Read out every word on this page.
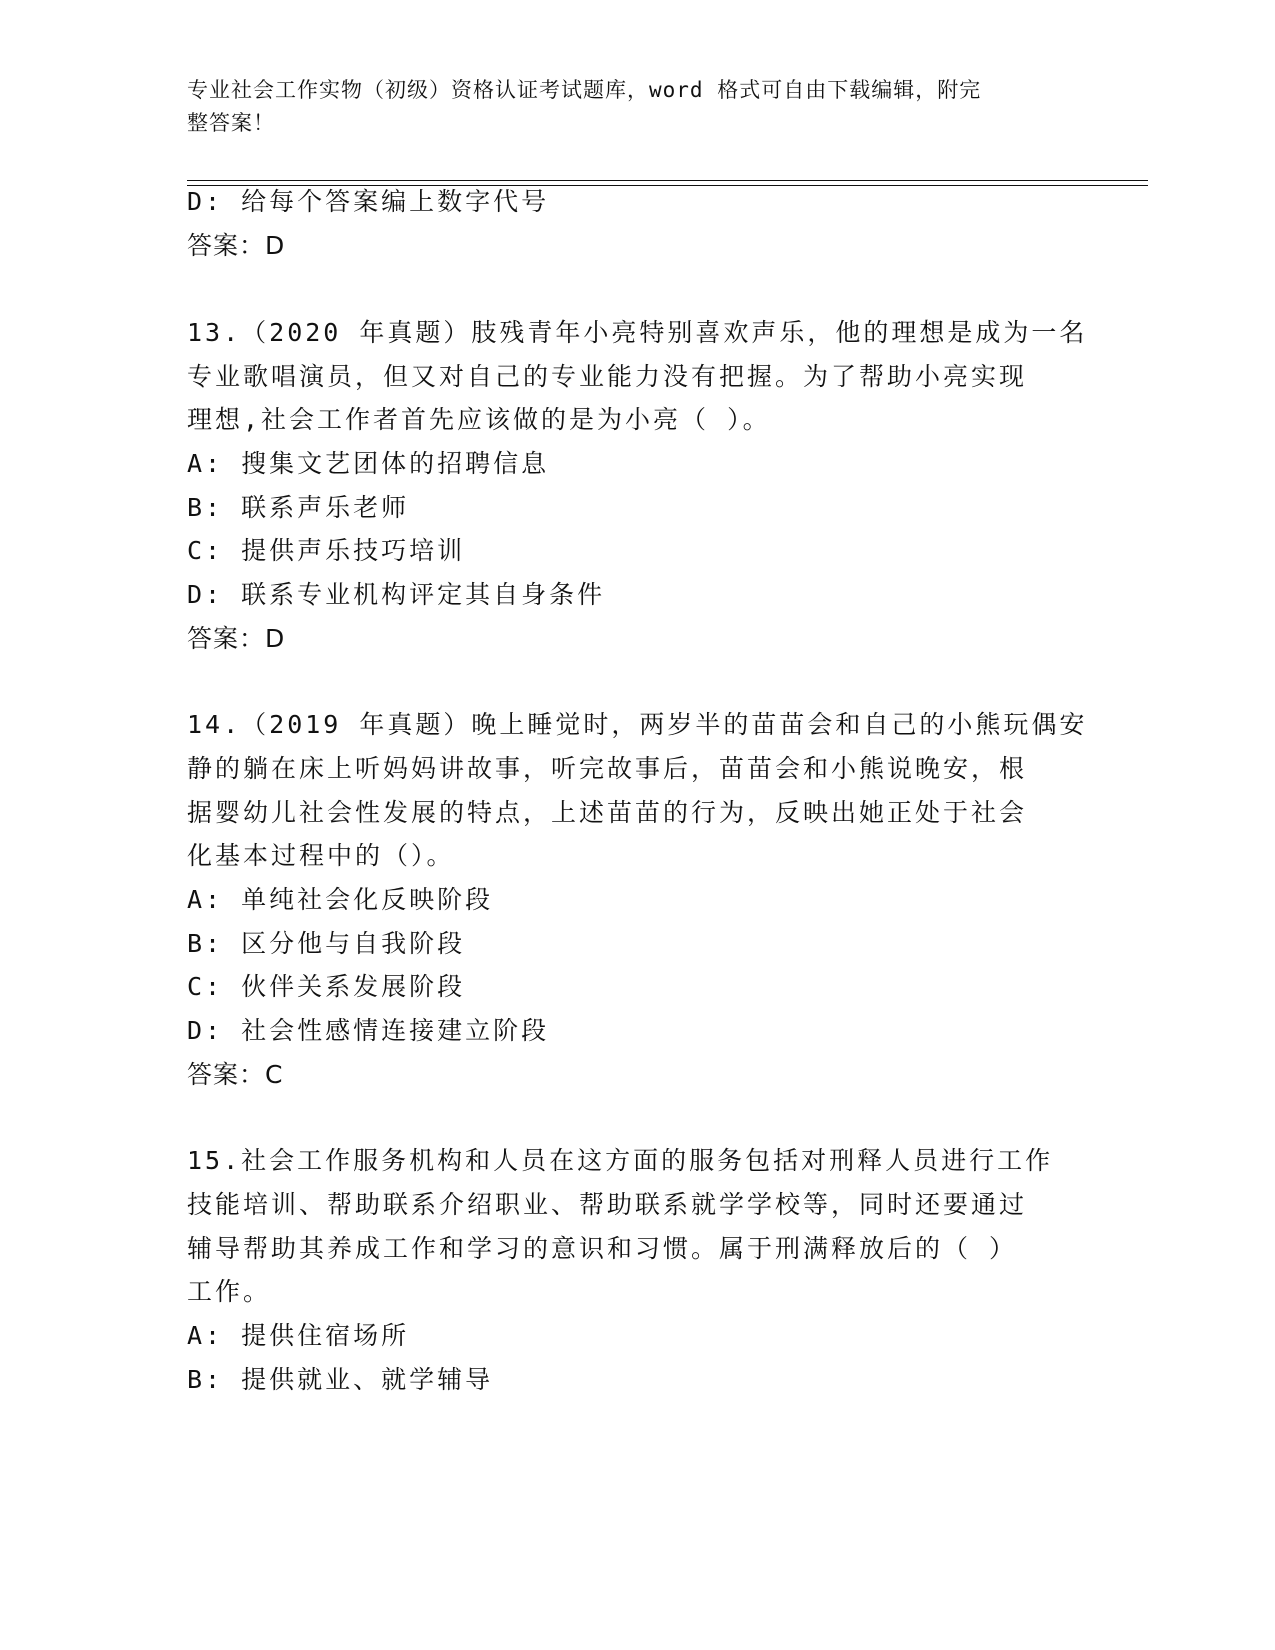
专业社会工作实物（初级）资格认证考试题库，word 格式可自由下载编辑，附完
整答案！
D: 给每个答案编上数字代号
答案：D
13.（2020 年真题）肢残青年小亮特别喜欢声乐，他的理想是成为一名
专业歌唱演员，但又对自己的专业能力没有把握。为了帮助小亮实现
理想,社会工作者首先应该做的是为小亮（ ）。
A: 搜集文艺团体的招聘信息
B: 联系声乐老师
C: 提供声乐技巧培训
D: 联系专业机构评定其自身条件
答案：D
14.（2019 年真题）晚上睡觉时，两岁半的苗苗会和自己的小熊玩偶安
静的躺在床上听妈妈讲故事，听完故事后，苗苗会和小熊说晚安，根
据婴幼儿社会性发展的特点，上述苗苗的行为，反映出她正处于社会
化基本过程中的（）。
A: 单纯社会化反映阶段
B: 区分他与自我阶段
C: 伙伴关系发展阶段
D: 社会性感情连接建立阶段
答案：C
15.社会工作服务机构和人员在这方面的服务包括对刑释人员进行工作
技能培训、帮助联系介绍职业、帮助联系就学学校等，同时还要通过
辅导帮助其养成工作和学习的意识和习惯。属于刑满释放后的（ ）
工作。
A: 提供住宿场所
B: 提供就业、就学辅导
